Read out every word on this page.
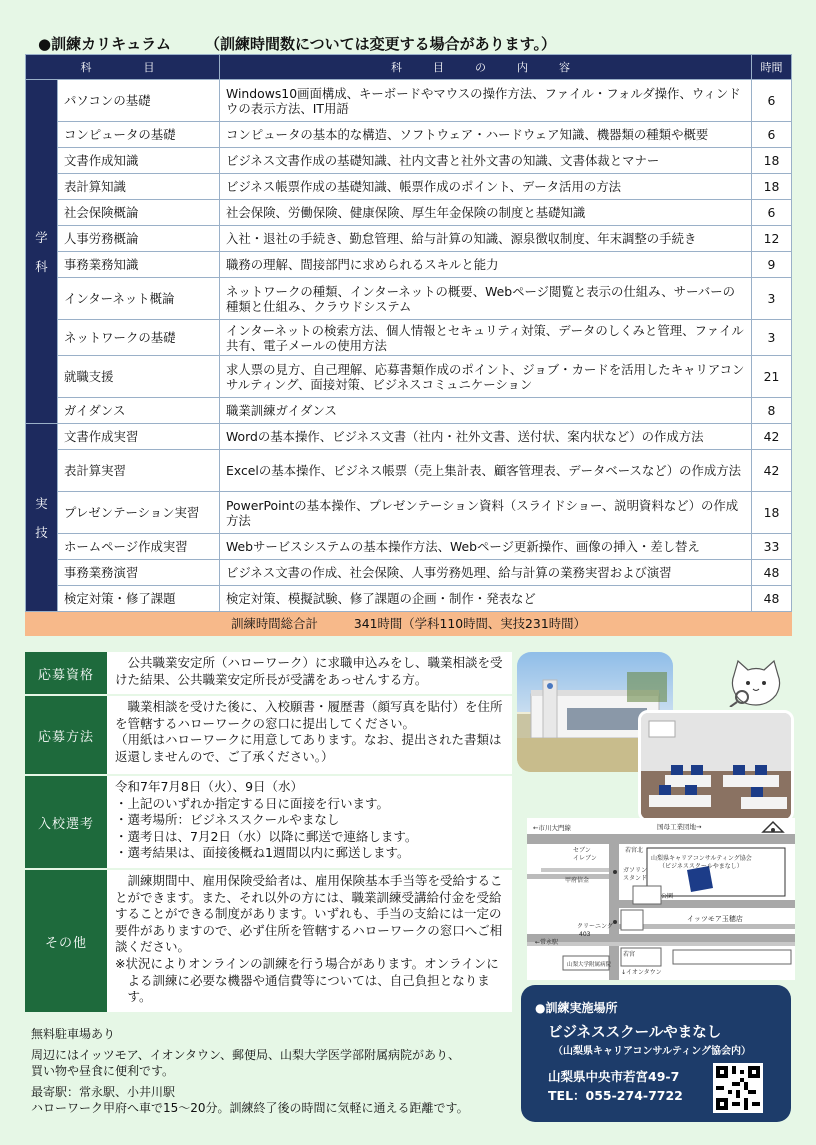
●訓練カリキュラム （訓練時間数については変更する場合があります。）
科　　目		科　目　の　内　容	時間

学
科	パソコンの基礎	Windows10画面構成、キーボードやマウスの操作方法、ファイル・フォルダ操作、ウィンドウの表示方法、IT用語	6
	コンピュータの基礎	コンピュータの基本的な構造、ソフトウェア・ハードウェア知識、機器類の種類や概要	6
	文書作成知識	ビジネス文書作成の基礎知識、社内文書と社外文書の知識、文書体裁とマナー	18
	表計算知識	ビジネス帳票作成の基礎知識、帳票作成のポイント、データ活用の方法	18
	社会保険概論	社会保険、労働保険、健康保険、厚生年金保険の制度と基礎知識	6
	人事労務概論	入社・退社の手続き、勤怠管理、給与計算の知識、源泉徴収制度、年末調整の手続き	12
	事務業務知識	職務の理解、間接部門に求められるスキルと能力	9
	インターネット概論	ネットワークの種類、インターネットの概要、Webページ閲覧と表示の仕組み、サーバーの種類と仕組み、クラウドシステム	3
	ネットワークの基礎	インターネットの検索方法、個人情報とセキュリティ対策、データのしくみと管理、ファイル共有、電子メールの使用方法	3
	就職支援	求人票の見方、自己理解、応募書類作成のポイント、ジョブ・カードを活用したキャリアコンサルティング、面接対策、ビジネスコミュニケーション	21
	ガイダンス	職業訓練ガイダンス	8

実
技	文書作成実習	Wordの基本操作、ビジネス文書（社内・社外文書、送付状、案内状など）の作成方法	42
	表計算実習	Excelの基本操作、ビジネス帳票（売上集計表、顧客管理表、データベースなど）の作成方法	42
	プレゼンテーション実習	PowerPointの基本操作、プレゼンテーション資料（スライドショー、説明資料など）の作成方法	18
	ホームページ作成実習	Webサービスシステムの基本操作方法、Webページ更新操作、画像の挿入・差し替え	33
	事務業務演習	ビジネス文書の作成、社会保険、人事労務処理、給与計算の業務実習および演習	48
	検定対策・修了課題	検定対策、模擬試験、修了課題の企画・制作・発表など	48
訓練時間総合計 341時間（学科110時間、実技231時間）			
応募資格
公共職業安定所（ハローワーク）に求職申込みをし、職業相談を受けた結果、公共職業安定所長が受講をあっせんする方。
応募方法
職業相談を受けた後に、入校願書・履歴書（顔写真を貼付）を住所を管轄するハローワークの窓口に提出してください。
（用紙はハローワークに用意してあります。なお、提出された書類は返還しませんので、ご了承ください。）
入校選考
令和7年7月8日（火）、9日（水）
・上記のいずれか指定する日に面接を行います。
・選考場所：ビジネススクールやまなし
・選考日は、7月2日（水）以降に郵送で連絡します。
・選考結果は、面接後概ね1週間以内に郵送します。
その他
訓練期間中、雇用保険受給者は、雇用保険基本手当等を受給することができます。また、それ以外の方には、職業訓練受講給付金を受給することができる制度があります。いずれも、手当の支給には一定の要件がありますので、必ず住所を管轄するハローワークの窓口へご相談ください。
※状況によりオンラインの訓練を行う場合があります。オンラインによる訓練に必要な機器や通信費等については、自己負担となります。
無料駐車場あり
周辺にはイッツモア、イオンタウン、郵便局、山梨大学医学部附属病院があり、
買い物や昼食に便利です。
最寄駅：常永駅、小井川駅
ハローワーク甲府へ車で15～20分。訓練終了後の時間に気軽に通える距離です。
←市川大門線	国母工業団地→
セブン
イレブン
若宮北
甲府信金
山梨県キャリアコンサルティング協会
（ビジネススクールやまなし）
ガソリン
スタンド
公園
クリーニング
403
イッツモア玉穂店
←常永駅
若宮
山梨大学附属病院
↓イオンタウン
●訓練実施場所
ビジネススクールやまなし
（山梨県キャリアコンサルティング協会内）
山梨県中央市若宮49-7
TEL：055-274-7722
